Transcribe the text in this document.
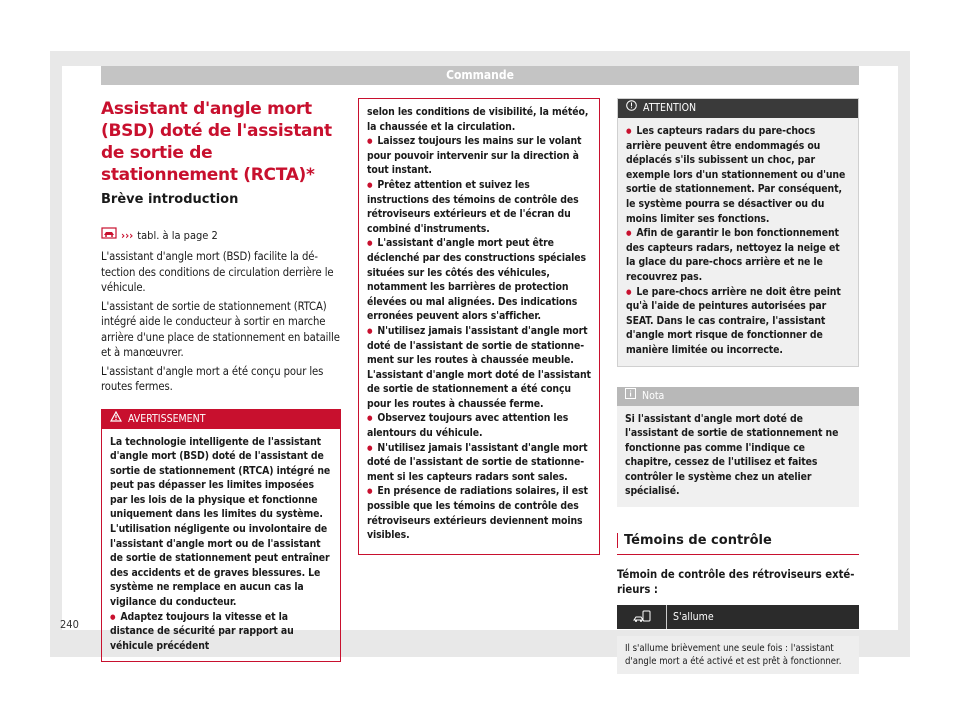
Commande
Assistant d'angle mort (BSD) doté de l'assistant de sortie de stationnement (RCTA)*
Brève introduction
››› tabl. à la page 2

L'assistant d'angle mort (BSD) facilite la détection des conditions de circulation derrière le véhicule.

L'assistant de sortie de stationnement (RTCA) intégré aide le conducteur à sortir en marche arrière d'une place de stationnement en bataille et à manœuvrer.

L'assistant d'angle mort a été conçu pour les routes fermes.

AVERTISSEMENT
La technologie intelligente de l'assistant d'angle mort (BSD) doté de l'assistant de sortie de stationnement (RTCA) intégré ne peut pas dépasser les limites imposées par les lois de la physique et fonctionne uniquement dans les limites du système. L'utilisation négligente ou involontaire de l'assistant d'angle mort ou de l'assistant de sortie de stationnement peut entraîner des accidents et de graves blessures. Le système ne remplace en aucun cas la vigilance du conducteur.
● Adaptez toujours la vitesse et la distance de sécurité par rapport au véhicule précédent
selon les conditions de visibilité, la météo, la chaussée et la circulation.
● Laissez toujours les mains sur le volant pour pouvoir intervenir sur la direction à tout instant.
● Prêtez attention et suivez les instructions des témoins de contrôle des rétroviseurs extérieurs et de l'écran du combiné d'instruments.
● L'assistant d'angle mort peut être déclenché par des constructions spéciales situées sur les côtés des véhicules, notamment les barrières de protection élevées ou mal alignées. Des indications erronées peuvent alors s'afficher.
● N'utilisez jamais l'assistant d'angle mort doté de l'assistant de sortie de stationnement sur les routes à chaussée meuble. L'assistant d'angle mort doté de l'assistant de sortie de stationnement a été conçu pour les routes à chaussée ferme.
● Observez toujours avec attention les alentours du véhicule.
● N'utilisez jamais l'assistant d'angle mort doté de l'assistant de sortie de stationnement si les capteurs radars sont sales.
● En présence de radiations solaires, il est possible que les témoins de contrôle des rétroviseurs extérieurs deviennent moins visibles.
ATTENTION
● Les capteurs radars du pare-chocs arrière peuvent être endommagés ou déplacés s'ils subissent un choc, par exemple lors d'un stationnement ou d'une sortie de stationnement. Par conséquent, le système pourra se désactiver ou du moins limiter ses fonctions.
● Afin de garantir le bon fonctionnement des capteurs radars, nettoyez la neige et la glace du pare-chocs arrière et ne le recouvrez pas.
● Le pare-chocs arrière ne doit être peint qu'à l'aide de peintures autorisées par SEAT. Dans le cas contraire, l'assistant d'angle mort risque de fonctionner de manière limitée ou incorrecte.
Nota
Si l'assistant d'angle mort doté de l'assistant de sortie de stationnement ne fonctionne pas comme l'indique ce chapitre, cessez de l'utilisez et faites contrôler le système chez un atelier spécialisé.
Témoins de contrôle
Témoin de contrôle des rétroviseurs extérieurs :
S'allume
Il s'allume brièvement une seule fois : l'assistant d'angle mort a été activé et est prêt à fonctionner.
240
